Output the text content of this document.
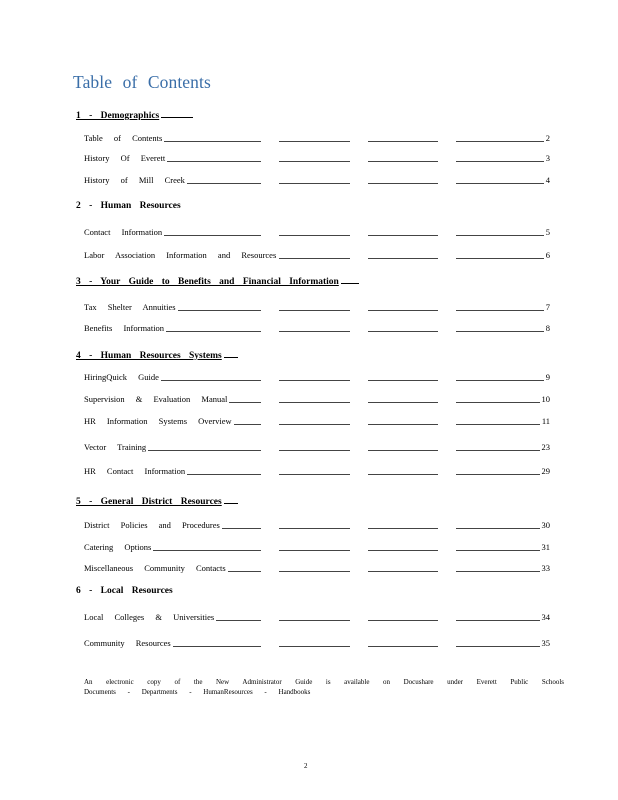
Table of Contents
1 - Demographics
Table of Contents	2
History Of Everett	3
History of Mill Creek	4
2 - Human Resources
Contact Information	5
Labor Association Information and Resources	6
3 - Your Guide to Benefits and Financial Information
Tax Shelter Annuities	7
Benefits Information	8
4 - Human Resources Systems
HiringQuick Guide	9
Supervision & Evaluation Manual	10
HR Information Systems Overview	11
Vector Training	23
HR Contact Information	29
5 - General District Resources
District Policies and Procedures	30
Catering Options	31
Miscellaneous Community Contacts	33
6 - Local Resources
Local Colleges & Universities	34
Community Resources	35
An electronic copy of the New Administrator Guide is available on Docushare under Everett Public Schools Documents - Departments - HumanResources - Handbooks
2
